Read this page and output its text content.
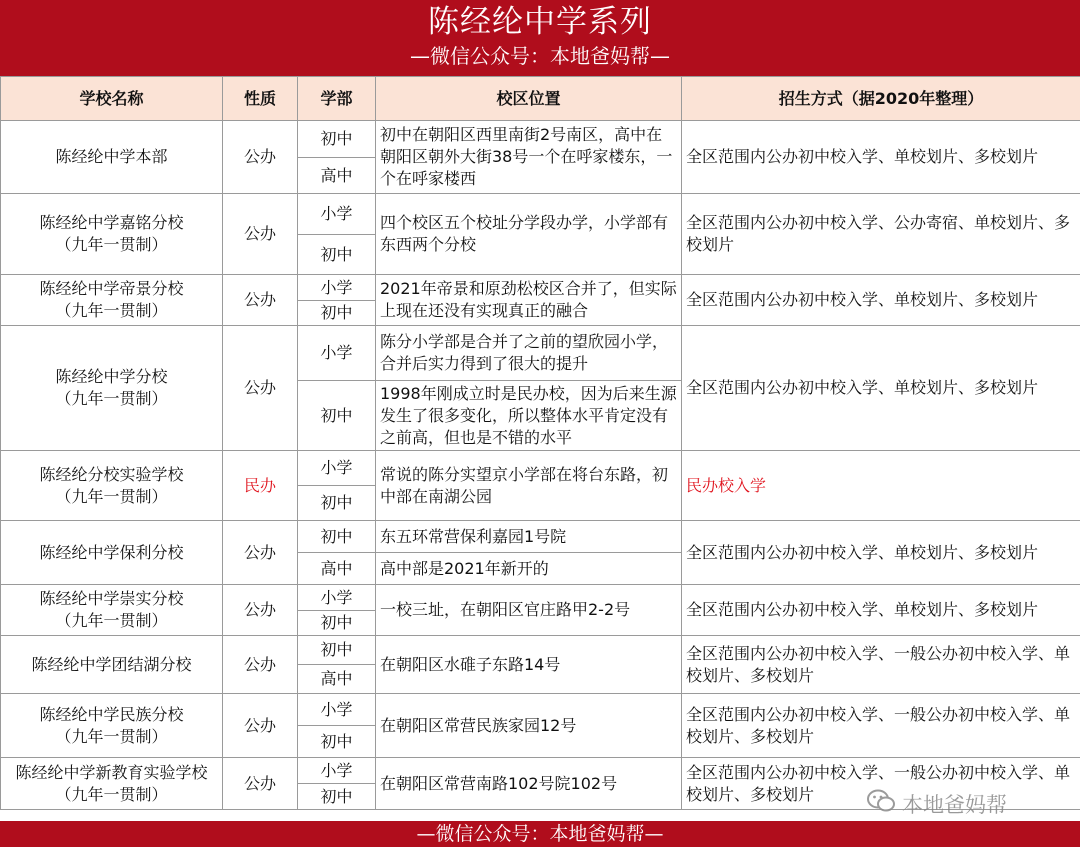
陈经纶中学系列
—微信公众号：本地爸妈帮—
学校名称	性质	学部	校区位置	招生方式（据2020年整理）

陈经纶中学本部	公办	初中	初中在朝阳区西里南街2号南区，高中在朝阳区朝外大街38号一个在呼家楼东，一个在呼家楼西	全区范围内公办初中校入学、单校划片、多校划片
		高中		

陈经纶中学嘉铭分校
（九年一贯制）	公办	小学	四个校区五个校址分学段办学，小学部有东西两个分校	全区范围内公办初中校入学、公办寄宿、单校划片、多校划片
		初中		

陈经纶中学帝景分校
（九年一贯制）	公办	小学	2021年帝景和原劲松校区合并了，但实际上现在还没有实现真正的融合	全区范围内公办初中校入学、单校划片、多校划片
		初中		

陈经纶中学分校
（九年一贯制）	公办	小学	陈分小学部是合并了之前的望欣园小学，合并后实力得到了很大的提升	全区范围内公办初中校入学、单校划片、多校划片
		初中	1998年刚成立时是民办校，因为后来生源发生了很多变化，所以整体水平肯定没有之前高，但也是不错的水平	

陈经纶分校实验学校
（九年一贯制）	民办	小学	常说的陈分实望京小学部在将台东路，初中部在南湖公园	民办校入学
		初中		

陈经纶中学保利分校	公办	初中	东五环常营保利嘉园1号院	全区范围内公办初中校入学、单校划片、多校划片
		高中	高中部是2021年新开的	

陈经纶中学崇实分校
（九年一贯制）	公办	小学	一校三址，在朝阳区官庄路甲2-2号	全区范围内公办初中校入学、单校划片、多校划片
		初中		

陈经纶中学团结湖分校	公办	初中	在朝阳区水碓子东路14号	全区范围内公办初中校入学、一般公办初中校入学、单校划片、多校划片
		高中		

陈经纶中学民族分校
（九年一贯制）	公办	小学	在朝阳区常营民族家园12号	全区范围内公办初中校入学、一般公办初中校入学、单校划片、多校划片
		初中		

陈经纶中学新教育实验学校
（九年一贯制）	公办	小学	在朝阳区常营南路102号院102号	全区范围内公办初中校入学、一般公办初中校入学、单校划片、多校划片
		初中			本地爸妈帮
—微信公众号：本地爸妈帮—
